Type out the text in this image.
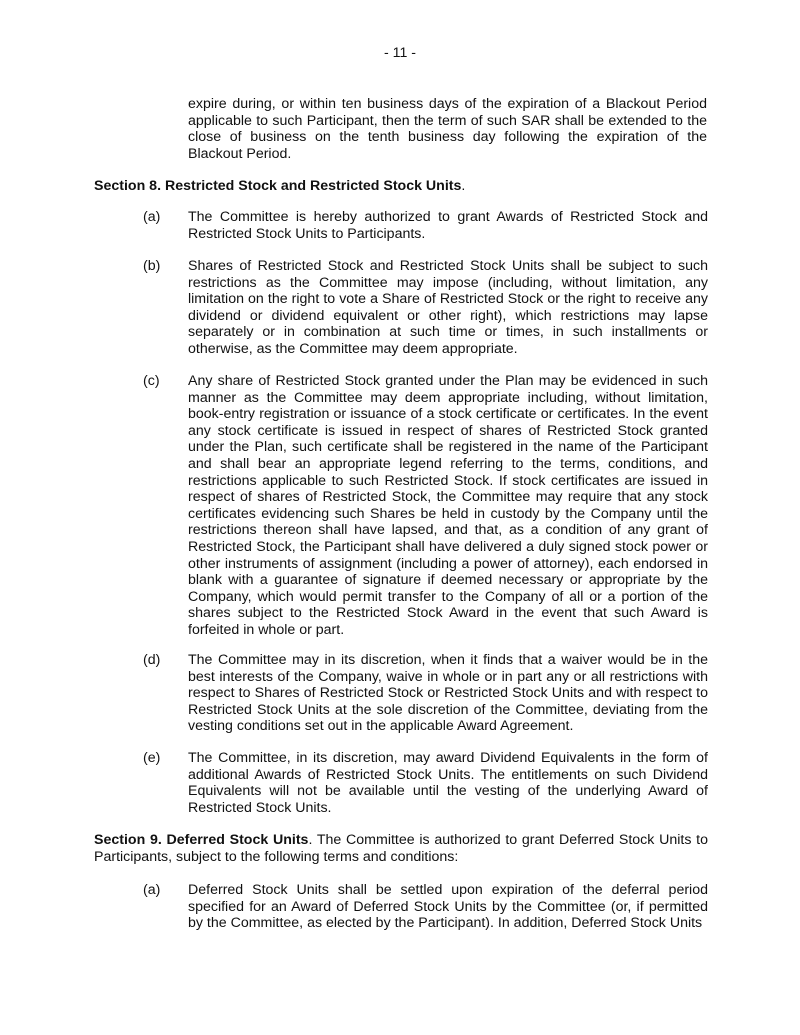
- 11 -

expire during, or within ten business days of the expiration of a Blackout Period applicable to such Participant, then the term of such SAR shall be extended to the close of business on the tenth business day following the expiration of the Blackout Period.

Section 8. Restricted Stock and Restricted Stock Units.

(a)	The Committee is hereby authorized to grant Awards of Restricted Stock and Restricted Stock Units to Participants.
(b)	Shares of Restricted Stock and Restricted Stock Units shall be subject to such restrictions as the Committee may impose (including, without limitation, any limitation on the right to vote a Share of Restricted Stock or the right to receive any dividend or dividend equivalent or other right), which restrictions may lapse separately or in combination at such time or times, in such installments or otherwise, as the Committee may deem appropriate.
(c)	Any share of Restricted Stock granted under the Plan may be evidenced in such manner as the Committee may deem appropriate including, without limitation, book-entry registration or issuance of a stock certificate or certificates. In the event any stock certificate is issued in respect of shares of Restricted Stock granted under the Plan, such certificate shall be registered in the name of the Participant and shall bear an appropriate legend referring to the terms, conditions, and restrictions applicable to such Restricted Stock. If stock certificates are issued in respect of shares of Restricted Stock, the Committee may require that any stock certificates evidencing such Shares be held in custody by the Company until the restrictions thereon shall have lapsed, and that, as a condition of any grant of Restricted Stock, the Participant shall have delivered a duly signed stock power or other instruments of assignment (including a power of attorney), each endorsed in blank with a guarantee of signature if deemed necessary or appropriate by the Company, which would permit transfer to the Company of all or a portion of the shares subject to the Restricted Stock Award in the event that such Award is forfeited in whole or part.
(d)	The Committee may in its discretion, when it finds that a waiver would be in the best interests of the Company, waive in whole or in part any or all restrictions with respect to Shares of Restricted Stock or Restricted Stock Units and with respect to Restricted Stock Units at the sole discretion of the Committee, deviating from the vesting conditions set out in the applicable Award Agreement.
(e)	The Committee, in its discretion, may award Dividend Equivalents in the form of additional Awards of Restricted Stock Units. The entitlements on such Dividend Equivalents will not be available until the vesting of the underlying Award of Restricted Stock Units.

Section 9. Deferred Stock Units. The Committee is authorized to grant Deferred Stock Units to Participants, subject to the following terms and conditions:

(a)	Deferred Stock Units shall be settled upon expiration of the deferral period specified for an Award of Deferred Stock Units by the Committee (or, if permitted by the Committee, as elected by the Participant). In addition, Deferred Stock Units
